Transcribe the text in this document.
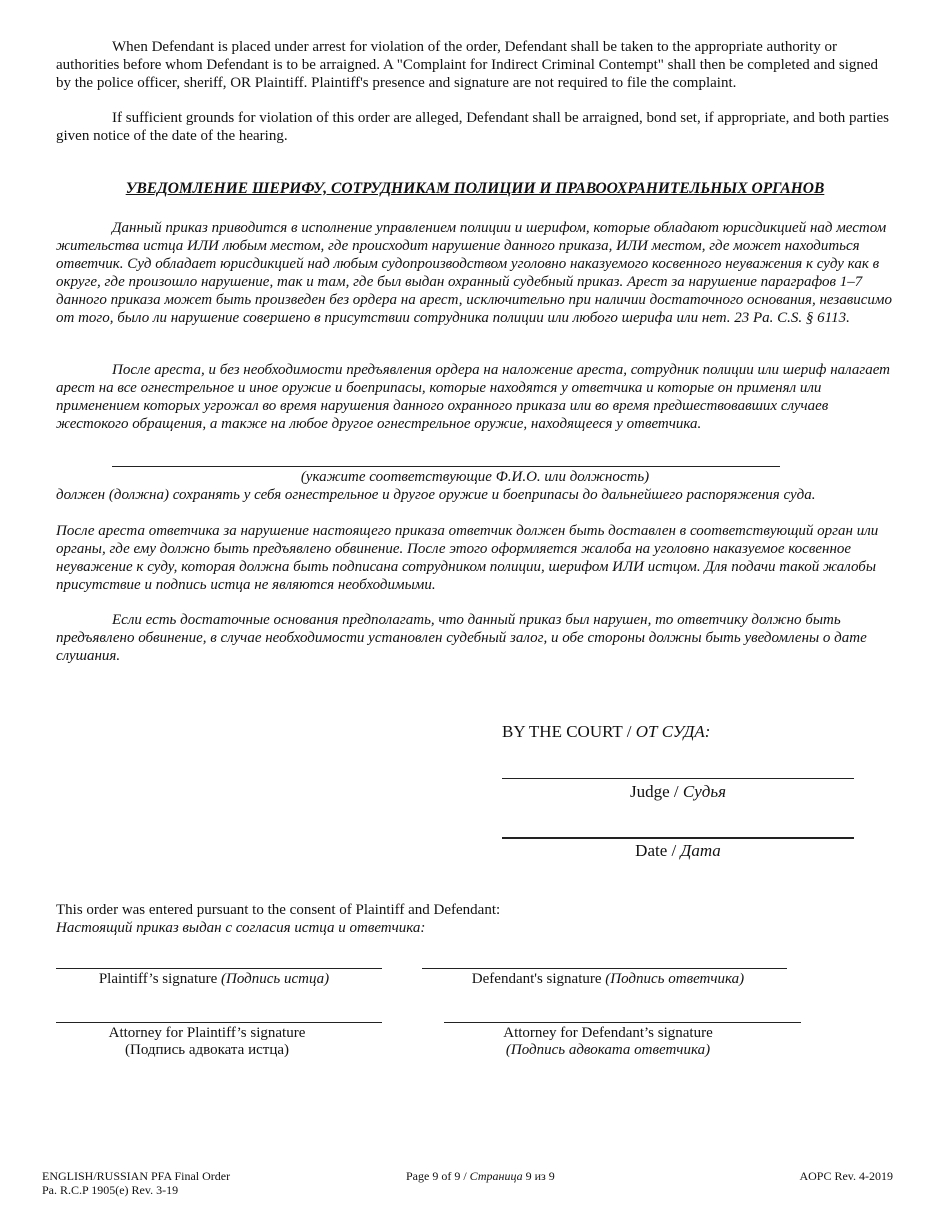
When Defendant is placed under arrest for violation of the order, Defendant shall be taken to the appropriate authority or authorities before whom Defendant is to be arraigned. A "Complaint for Indirect Criminal Contempt" shall then be completed and signed by the police officer, sheriff, OR Plaintiff. Plaintiff's presence and signature are not required to file the complaint.

If sufficient grounds for violation of this order are alleged, Defendant shall be arraigned, bond set, if appropriate, and both parties given notice of the date of the hearing.

УВЕДОМЛЕНИЕ ШЕРИФУ, СОТРУДНИКАМ ПОЛИЦИИ И ПРАВООХРАНИТЕЛЬНЫХ ОРГАНОВ

Данный приказ приводится в исполнение управлением полиции и шерифом, которые обладают юрисдикцией над местом жительства истца ИЛИ любым местом, где происходит нарушение данного приказа, ИЛИ местом, где может находиться ответчик. Суд обладает юрисдикцией над любым судопроизводством уголовно наказуемого косвенного неуважения к суду как в округе, где произошло нарушение, так и там, где был выдан охранный судебный приказ. Арест за нарушение параграфов 1–7 данного приказа может быть произведен без ордера на арест, исключительно при наличии достаточного основания, независимо от того, было ли нарушение совершено в присутствии сотрудника полиции или любого шерифа или нет. 23 Pa. C.S. § 6113.

После ареста, и без необходимости предъявления ордера на наложение ареста, сотрудник полиции или шериф налагает арест на все огнестрельное и иное оружие и боеприпасы, которые находятся у ответчика и которые он применял или применением которых угрожал во время нарушения данного охранного приказа или во время предшествовавших случаев жестокого обращения, а также на любое другое огнестрельное оружие, находящееся у ответчика.

(укажите соответствующие Ф.И.О. или должность)

должен (должна) сохранять у себя огнестрельное и другое оружие и боеприпасы до дальнейшего распоряжения суда.

После ареста ответчика за нарушение настоящего приказа ответчик должен быть доставлен в соответствующий орган или органы, где ему должно быть предъявлено обвинение. После этого оформляется жалоба на уголовно наказуемое косвенное неуважение к суду, которая должна быть подписана сотрудником полиции, шерифом ИЛИ истцом. Для подачи такой жалобы присутствие и подпись истца не являются необходимыми.

Если есть достаточные основания предполагать, что данный приказ был нарушен, то ответчику должно быть предъявлено обвинение, в случае необходимости установлен судебный залог, и обе стороны должны быть уведомлены о дате слушания.

BY THE COURT / ОТ СУДА:
Judge / Судья
Date / Дата

This order was entered pursuant to the consent of Plaintiff and Defendant:

Настоящий приказ выдан с согласия истца и ответчика:

Plaintiff’s signature (Подпись истца)	Defendant's signature (Подпись ответчика)
Attorney for Plaintiff’s signature
(Подпись адвоката истца)
Attorney for Defendant’s signature
(Подпись адвоката ответчика)
ENGLISH/RUSSIAN PFA Final Order
Pa. R.C.P 1905(e) Rev. 3-19
Page 9 of 9 / Страница 9 из 9	AOPC Rev. 4-2019
